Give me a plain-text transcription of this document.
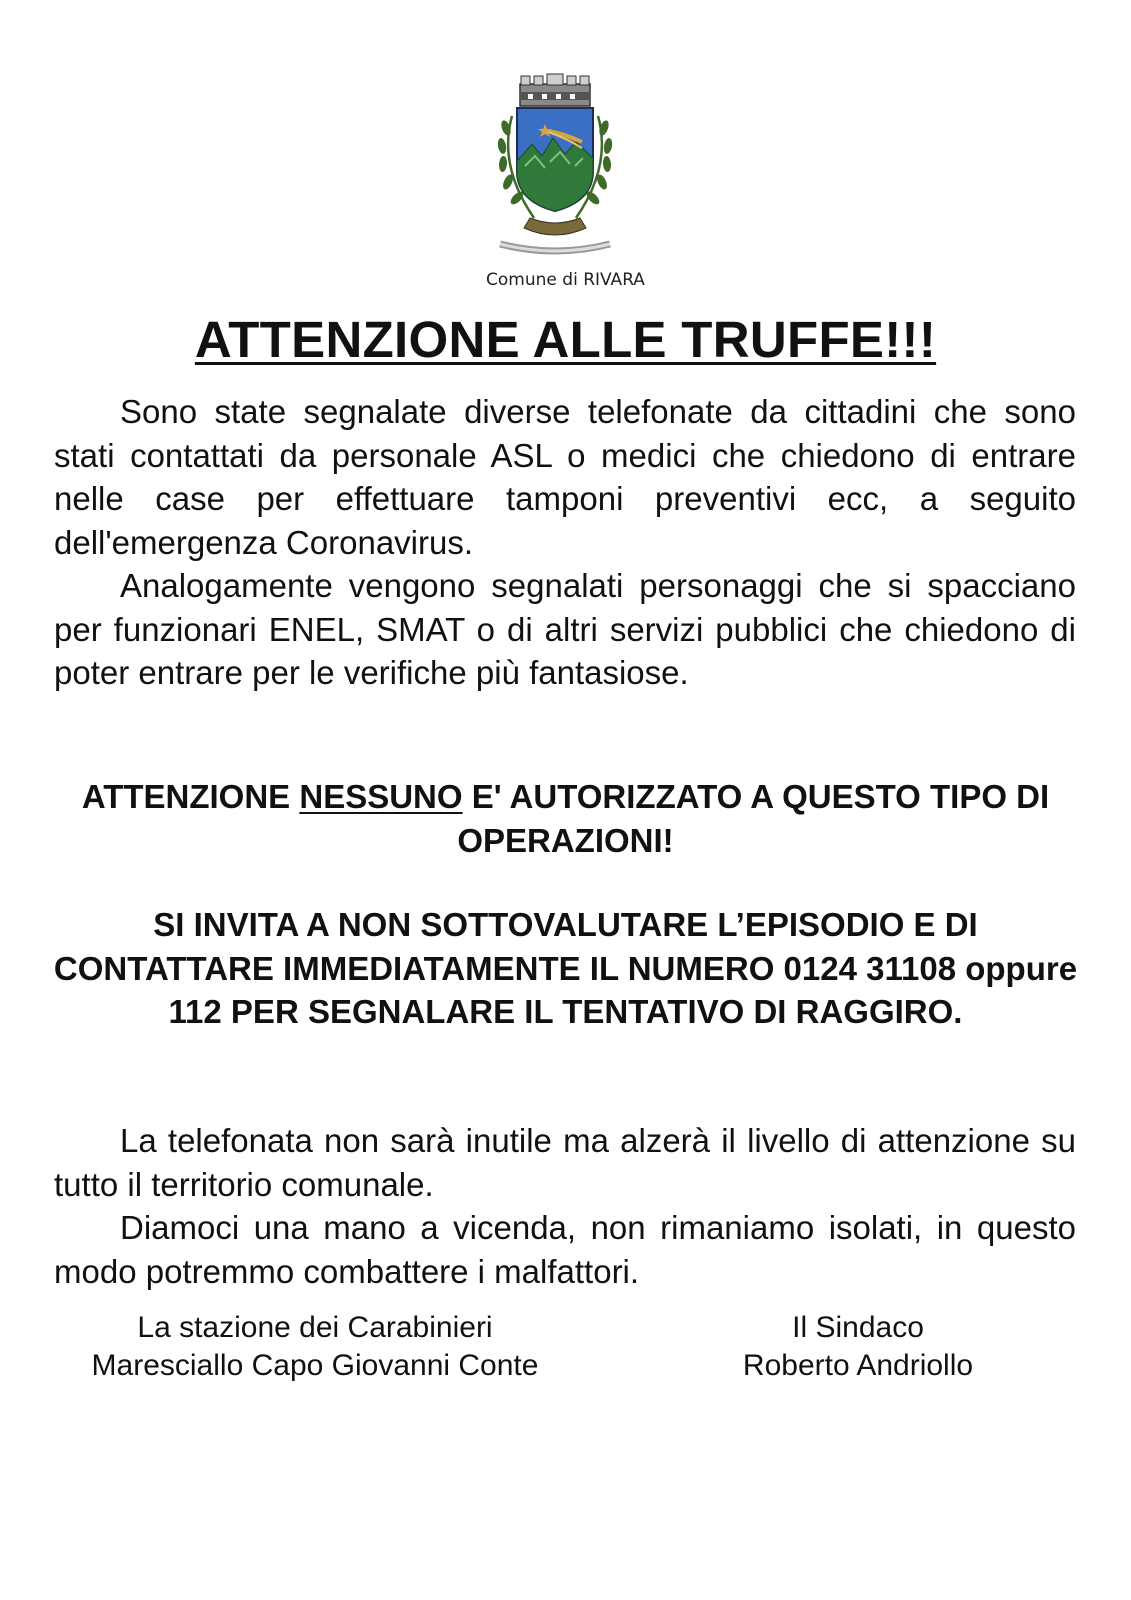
Comune di RIVARA
ATTENZIONE ALLE TRUFFE!!!

Sono state segnalate diverse telefonate da cittadini che sono stati contattati da personale ASL o medici che chiedono di entrare nelle case per effettuare tamponi preventivi ecc, a seguito dell'emergenza Coronavirus.

Analogamente vengono segnalati personaggi che si spacciano per funzionari ENEL, SMAT o di altri servizi pubblici che chiedono di poter entrare per le verifiche più fantasiose.

ATTENZIONE NESSUNO E' AUTORIZZATO A QUESTO TIPO DI OPERAZIONI!
SI INVITA A NON SOTTOVALUTARE L’EPISODIO E DI CONTATTARE IMMEDIATAMENTE IL NUMERO 0124 31108 oppure 112 PER SEGNALARE IL TENTATIVO DI RAGGIRO.

La telefonata non sarà inutile ma alzerà il livello di attenzione su tutto il territorio comunale.

Diamoci una mano a vicenda, non rimaniamo isolati, in questo modo potremmo combattere i malfattori.

La stazione dei Carabinieri
Maresciallo Capo Giovanni Conte
Il Sindaco
Roberto Andriollo
